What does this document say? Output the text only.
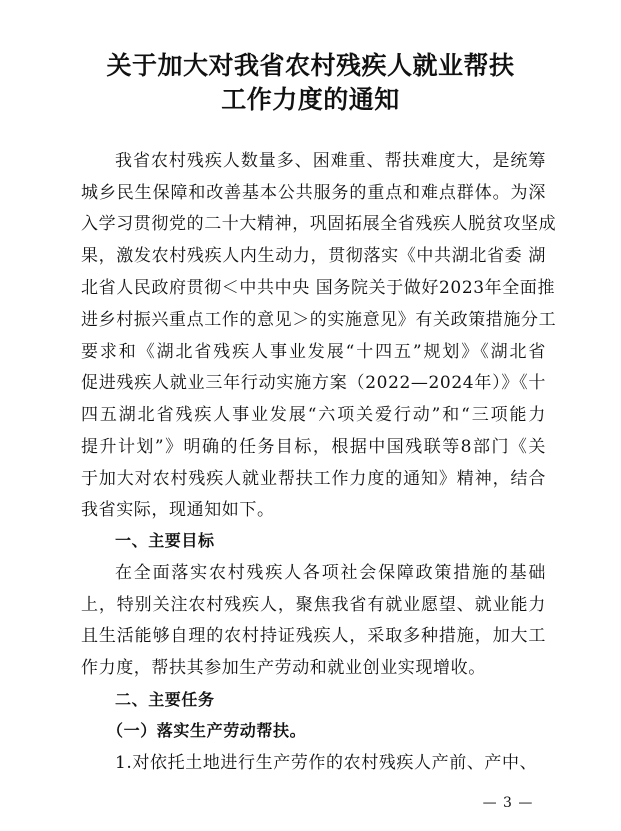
关于加大对我省农村残疾人就业帮扶
工作力度的通知
我省农村残疾人数量多、困难重、帮扶难度大，是统筹
城乡民生保障和改善基本公共服务的重点和难点群体。为深
入学习贯彻党的二十大精神，巩固拓展全省残疾人脱贫攻坚成
果，激发农村残疾人内生动力，贯彻落实《中共湖北省委 湖
北省人民政府贯彻＜中共中央 国务院关于做好2023年全面推
进乡村振兴重点工作的意见＞的实施意见》有关政策措施分工
要求和《湖北省残疾人事业发展“十四五”规划》《湖北省
促进残疾人就业三年行动实施方案（2022—2024年）》《十
四五湖北省残疾人事业发展“六项关爱行动”和“三项能力
提升计划”》明确的任务目标，根据中国残联等8部门《关
于加大对农村残疾人就业帮扶工作力度的通知》精神，结合
我省实际，现通知如下。
一、主要目标
在全面落实农村残疾人各项社会保障政策措施的基础
上，特别关注农村残疾人，聚焦我省有就业愿望、就业能力
且生活能够自理的农村持证残疾人，采取多种措施，加大工
作力度，帮扶其参加生产劳动和就业创业实现增收。
二、主要任务
（一）落实生产劳动帮扶。
1.对依托土地进行生产劳作的农村残疾人产前、产中、
— 3 —
